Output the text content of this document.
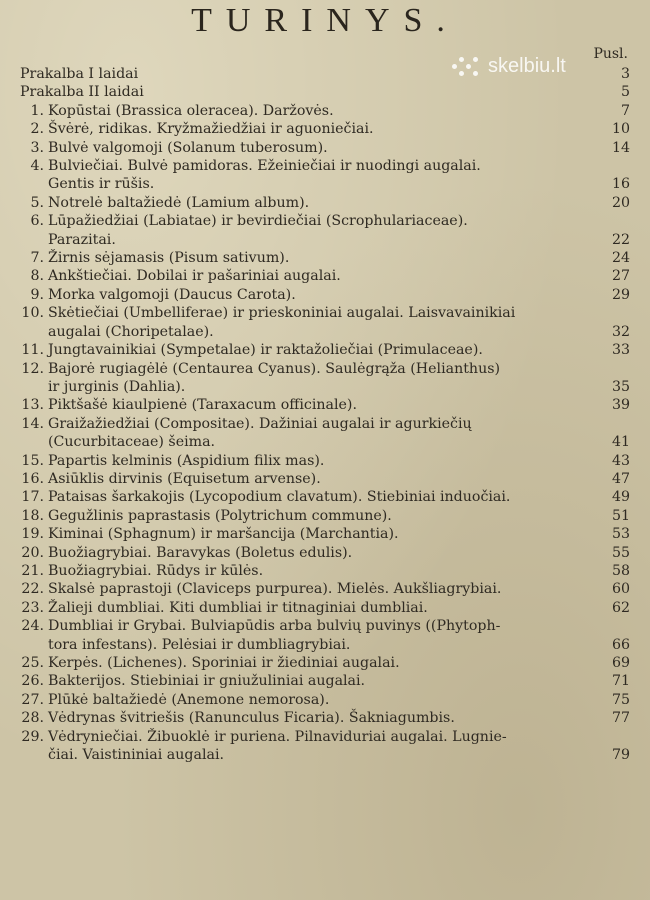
TURINYS.
skelbiu.lt
Pusl.
Prakalba I laidai	3
Prakalba II laidai	5
1. Kopūstai (Brassica oleracea). Daržovės.	7
2. Švėrė, ridikas. Kryžmažiedžiai ir aguoniečiai.	10
3. Bulvė valgomoji (Solanum tuberosum).	14
4. Bulviečiai. Bulvė pamidoras. Ežeiniečiai ir nuodingi augalai.
Gentis ir rūšis.	16
5. Notrelė baltažiedė (Lamium album).	20
6. Lūpažiedžiai (Labiatae) ir bevirdiečiai (Scrophulariaceae).
Parazitai.	22
7. Žirnis sėjamasis (Pisum sativum).	24
8. Ankštiečiai. Dobilai ir pašariniai augalai.	27
9. Morka valgomoji (Daucus Carota).	29
10. Skėtiečiai (Umbelliferae) ir prieskoniniai augalai. Laisvavainikiai
augalai (Choripetalae).	32
11. Jungtavainikiai (Sympetalae) ir raktažoliečiai (Primulaceae).	33
12. Bajorė rugiagėlė (Centaurea Cyanus). Saulėgrąža (Helianthus)
ir jurginis (Dahlia).	35
13. Piktšašė kiaulpienė (Taraxacum officinale).	39
14. Graižažiedžiai (Compositae). Dažiniai augalai ir agurkiečių
(Cucurbitaceae) šeima.	41
15. Papartis kelminis (Aspidium filix mas).	43
16. Asiūklis dirvinis (Equisetum arvense).	47
17. Pataisas šarkakojis (Lycopodium clavatum). Stiebiniai induočiai.	49
18. Gegužlinis paprastasis (Polytrichum commune).	51
19. Kiminai (Sphagnum) ir maršancija (Marchantia).	53
20. Buožiagrybiai. Baravykas (Boletus edulis).	55
21. Buožiagrybiai. Rūdys ir kūlės.	58
22. Skalsė paprastoji (Claviceps purpurea). Mielės. Aukšliagrybiai.	60
23. Žalieji dumbliai. Kiti dumbliai ir titnaginiai dumbliai.	62
24. Dumbliai ir Grybai. Bulviapūdis arba bulvių puvinys ((Phytoph-
tora infestans). Pelėsiai ir dumbliagrybiai.	66
25. Kerpės. (Lichenes). Sporiniai ir žiediniai augalai.	69
26. Bakterijos. Stiebiniai ir gniužuliniai augalai.	71
27. Plūkė baltažiedė (Anemone nemorosa).	75
28. Vėdrynas švitriešis (Ranunculus Ficaria). Šakniagumbis.	77
29. Vėdryniečiai. Žibuoklė ir puriena. Pilnaviduriai augalai. Lugnie-
čiai. Vaistininiai augalai.	79
